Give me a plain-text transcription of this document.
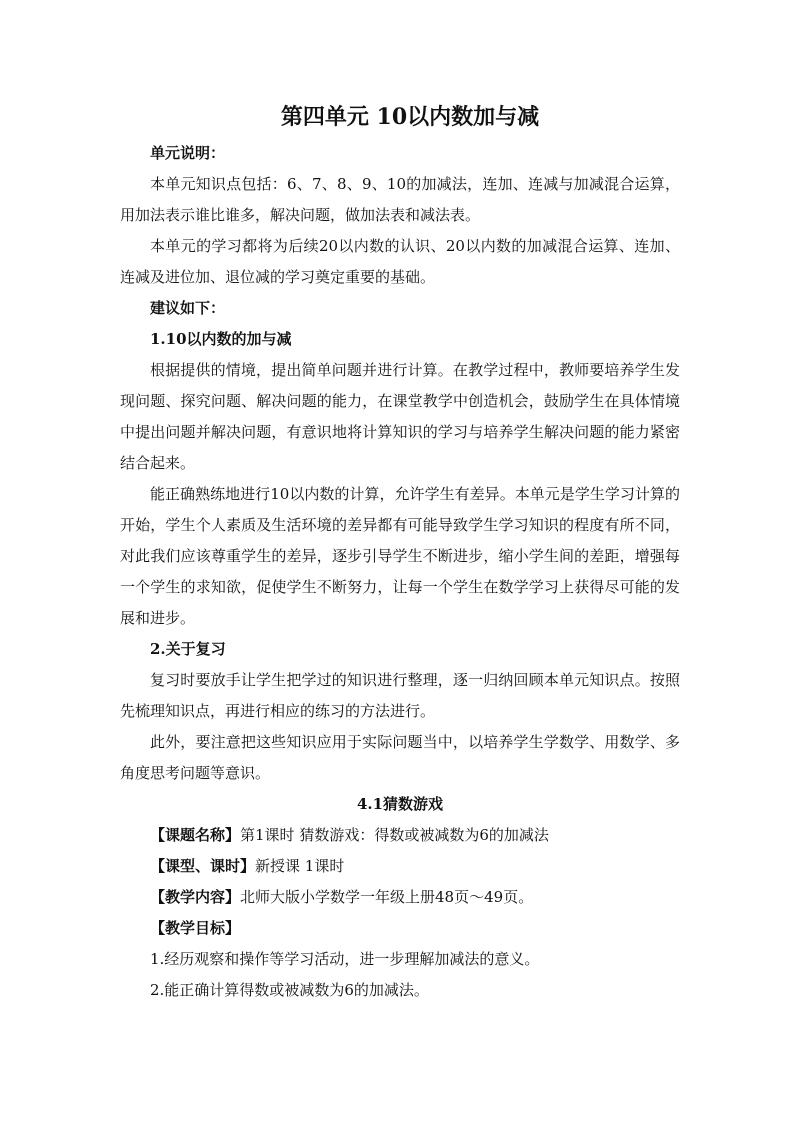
第四单元 10以内数加与减

单元说明：

本单元知识点包括：6、7、8、9、10的加减法，连加、连减与加减混合运算，用加法表示谁比谁多，解决问题，做加法表和减法表。

本单元的学习都将为后续20以内数的认识、20以内数的加减混合运算、连加、连减及进位加、退位减的学习奠定重要的基础。

建议如下：

1.10以内数的加与减

根据提供的情境，提出简单问题并进行计算。在教学过程中，教师要培养学生发现问题、探究问题、解决问题的能力，在课堂教学中创造机会，鼓励学生在具体情境中提出问题并解决问题，有意识地将计算知识的学习与培养学生解决问题的能力紧密结合起来。

能正确熟练地进行10以内数的计算，允许学生有差异。本单元是学生学习计算的开始，学生个人素质及生活环境的差异都有可能导致学生学习知识的程度有所不同，对此我们应该尊重学生的差异，逐步引导学生不断进步，缩小学生间的差距，增强每一个学生的求知欲，促使学生不断努力，让每一个学生在数学学习上获得尽可能的发展和进步。

2.关于复习

复习时要放手让学生把学过的知识进行整理，逐一归纳回顾本单元知识点。按照先梳理知识点，再进行相应的练习的方法进行。

此外，要注意把这些知识应用于实际问题当中，以培养学生学数学、用数学、多角度思考问题等意识。

4.1猜数游戏

【课题名称】第1课时 猜数游戏：得数或被减数为6的加减法

【课型、课时】新授课 1课时

【教学内容】北师大版小学数学一年级上册48页～49页。

【教学目标】

1.经历观察和操作等学习活动，进一步理解加减法的意义。

2.能正确计算得数或被减数为6的加减法。
